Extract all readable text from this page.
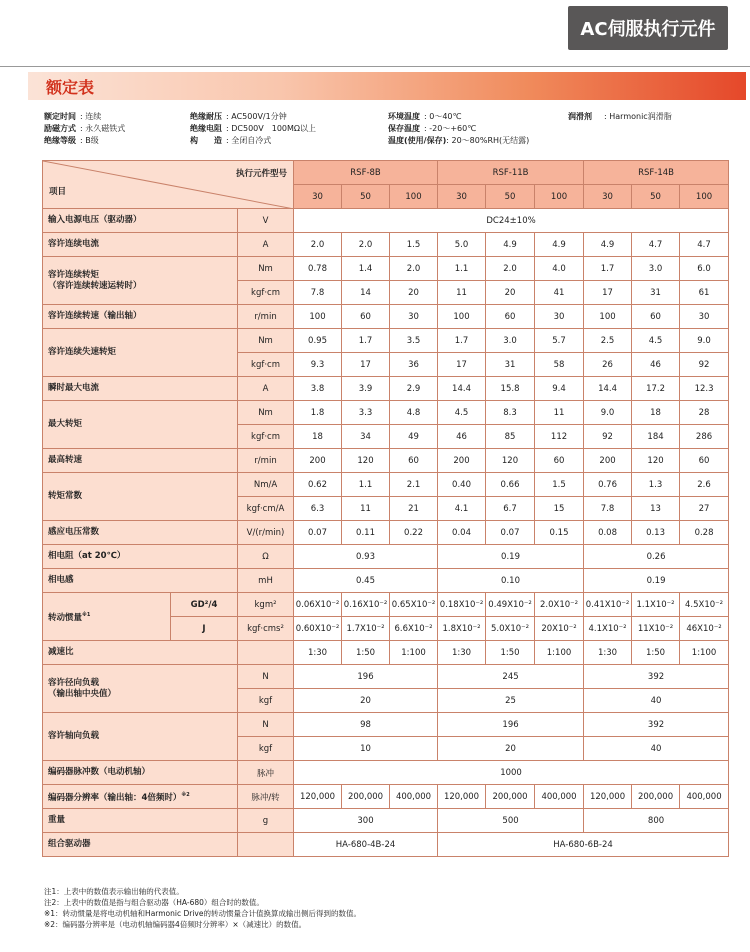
AC伺服执行元件
额定表
额定时间 : 连续
励磁方式 : 永久磁铁式
绝缘等级 : B级
绝缘耐压 : AC500V/1分钟
绝缘电阻 : DC500V　100MΩ以上
构　　造 : 全闭自冷式
环境温度 : 0～40℃
保存温度 : -20～+60℃
温度(使用/保存): 20～80%RH(无结露)
润滑剂 : Harmonic润滑脂
项目
执行元件型号			RSF-8B			RSF-11B			RSF-14B		
			30	50	100	30	50	100	30	50	100
输入电源电压（驱动器）		V	DC24±10%								
容许连续电流		A	2.0	2.0	1.5	5.0	4.9	4.9	4.9	4.7	4.7
容许连续转矩
（容许连续转速运转时）		Nm	0.78	1.4	2.0	1.1	2.0	4.0	1.7	3.0	6.0
		kgf·cm	7.8	14	20	11	20	41	17	31	61
容许连续转速（输出轴）		r/min	100	60	30	100	60	30	100	60	30
容许连续失速转矩		Nm	0.95	1.7	3.5	1.7	3.0	5.7	2.5	4.5	9.0
		kgf·cm	9.3	17	36	17	31	58	26	46	92
瞬时最大电流		A	3.8	3.9	2.9	14.4	15.8	9.4	14.4	17.2	12.3
最大转矩		Nm	1.8	3.3	4.8	4.5	8.3	11	9.0	18	28
		kgf·cm	18	34	49	46	85	112	92	184	286
最高转速		r/min	200	120	60	200	120	60	200	120	60
转矩常数		Nm/A	0.62	1.1	2.1	0.40	0.66	1.5	0.76	1.3	2.6
		kgf·cm/A	6.3	11	21	4.1	6.7	15	7.8	13	27
感应电压常数		V/(r/min)	0.07	0.11	0.22	0.04	0.07	0.15	0.08	0.13	0.28
相电阻（at 20℃）		Ω	0.93			0.19			0.26		
相电感		mH	0.45			0.10			0.19		
转动惯量$^{※1}$	GD²/4	kgm²	0.06X10⁻²	0.16X10⁻²	0.65X10⁻²	0.18X10⁻²	0.49X10⁻²	2.0X10⁻²	0.41X10⁻²	1.1X10⁻²	4.5X10⁻²
	J	kgf·cms²	0.60X10⁻²	1.7X10⁻²	6.6X10⁻²	1.8X10⁻²	5.0X10⁻²	20X10⁻²	4.1X10⁻²	11X10⁻²	46X10⁻²
减速比			1:30	1:50	1:100	1:30	1:50	1:100	1:30	1:50	1:100
容许径向负载
（输出轴中央值）		N	196			245			392		
		kgf	20			25			40		
容许轴向负载		N	98			196			392		
		kgf	10			20			40		
编码器脉冲数（电动机轴）		脉冲	1000								
编码器分辨率（输出轴：4倍频时）$^{※2}$		脉冲/转	120,000	200,000	400,000	120,000	200,000	400,000	120,000	200,000	400,000
重量		g	300			500			800		
组合驱动器			HA-680-4B-24			HA-680-6B-24					
注1：上表中的数值表示输出轴的代表值。
注2：上表中的数值是指与组合驱动器（HA-680）组合时的数值。
※1：转动惯量是将电动机轴和Harmonic Drive的转动惯量合计值换算成输出侧后得到的数值。
※2：编码器分辨率是（电动机轴编码器4倍频时分辨率）×（减速比）的数值。
